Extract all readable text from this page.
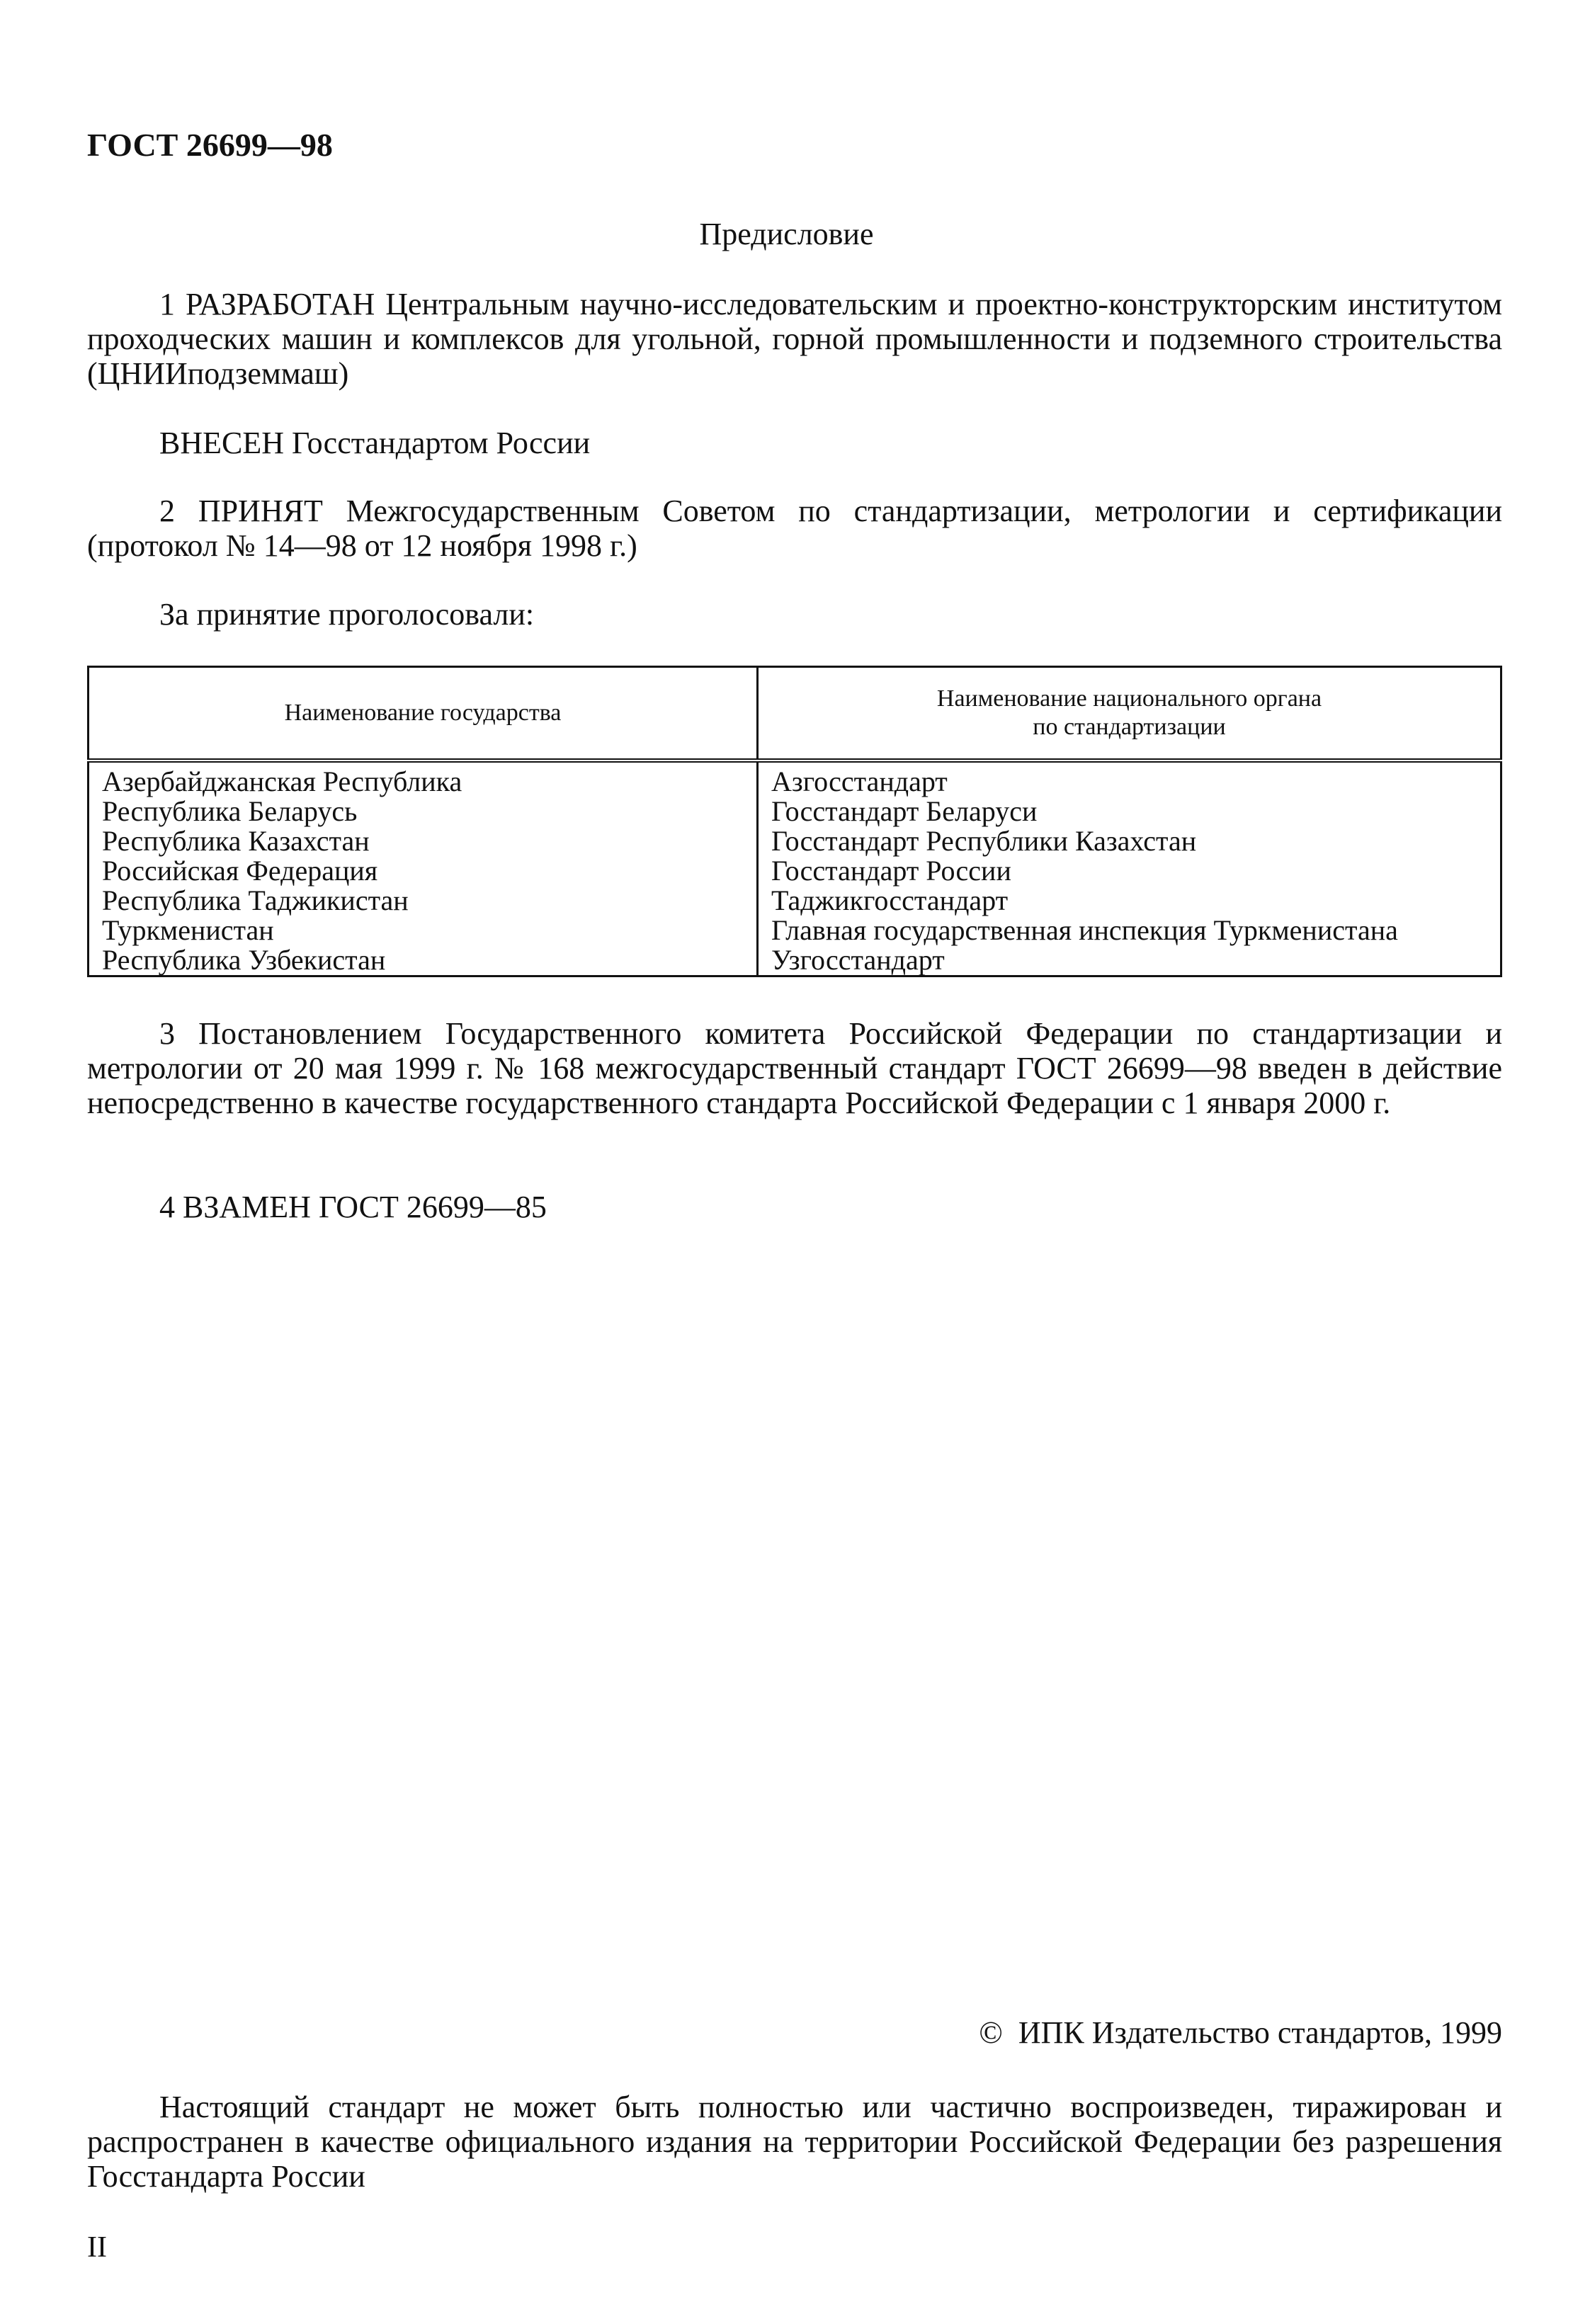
ГОСТ 26699—98
Предисловие
1 РАЗРАБОТАН Центральным научно-исследовательским и проектно-конструкторским институтом проходческих машин и комплексов для угольной, горной промышленности и подземного строительства (ЦНИИподземмаш)
ВНЕСЕН Госстандартом России
2 ПРИНЯТ Межгосударственным Советом по стандартизации, метрологии и сертификации (протокол № 14—98 от 12 ноября 1998 г.)
За принятие проголосовали:
Наименование государства	Наименование национального органа
по стандартизации

Азербайджанская Республика	Азгосстандарт
Республика Беларусь	Госстандарт Беларуси
Республика Казахстан	Госстандарт Республики Казахстан
Российская Федерация	Госстандарт России
Республика Таджикистан	Таджикгосстандарт
Туркменистан	Главная государственная инспекция Туркменистана
Республика Узбекистан	Узгосстандарт
3 Постановлением Государственного комитета Российской Федерации по стандартизации и метрологии от 20 мая 1999 г. № 168 межгосударственный стандарт ГОСТ 26699—98 введен в действие непосредственно в качестве государственного стандарта Российской Федерации с 1 января 2000 г.
4 ВЗАМЕН ГОСТ 26699—85
© ИПК Издательство стандартов, 1999
Настоящий стандарт не может быть полностью или частично воспроизведен, тиражирован и распространен в качестве официального издания на территории Российской Федерации без разрешения Госстандарта России
II
